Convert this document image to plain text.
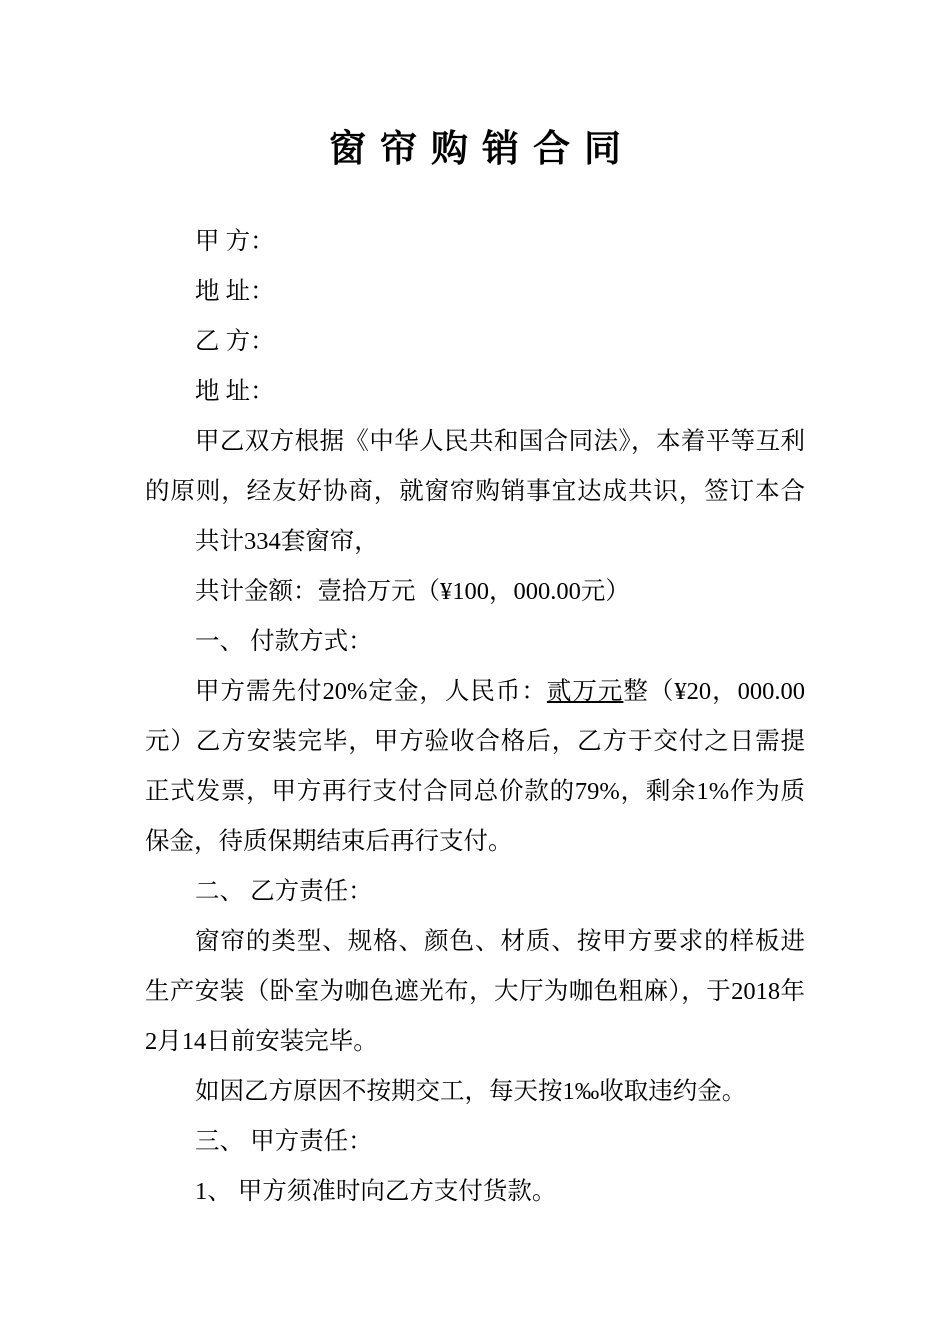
窗帘购销合同
甲 方：
地 址：
乙 方：
地 址：
甲乙双方根据《中华人民共和国合同法》，本着平等互利
的原则，经友好协商，就窗帘购销事宜达成共识，签订本合
共计334套窗帘，
共计金额：壹拾万元（¥100，000.00元）
一、 付款方式：
甲方需先付20%定金，人民币：贰万元整（¥20，000.00
元）乙方安装完毕，甲方验收合格后，乙方于交付之日需提
正式发票，甲方再行支付合同总价款的79%，剩余1%作为质
保金，待质保期结束后再行支付。
二、 乙方责任：
窗帘的类型、规格、颜色、材质、按甲方要求的样板进
生产安装（卧室为咖色遮光布，大厅为咖色粗麻），于2018年
2月14日前安装完毕。
如因乙方原因不按期交工，每天按1‰收取违约金。
三、 甲方责任：
1、 甲方须准时向乙方支付货款。
